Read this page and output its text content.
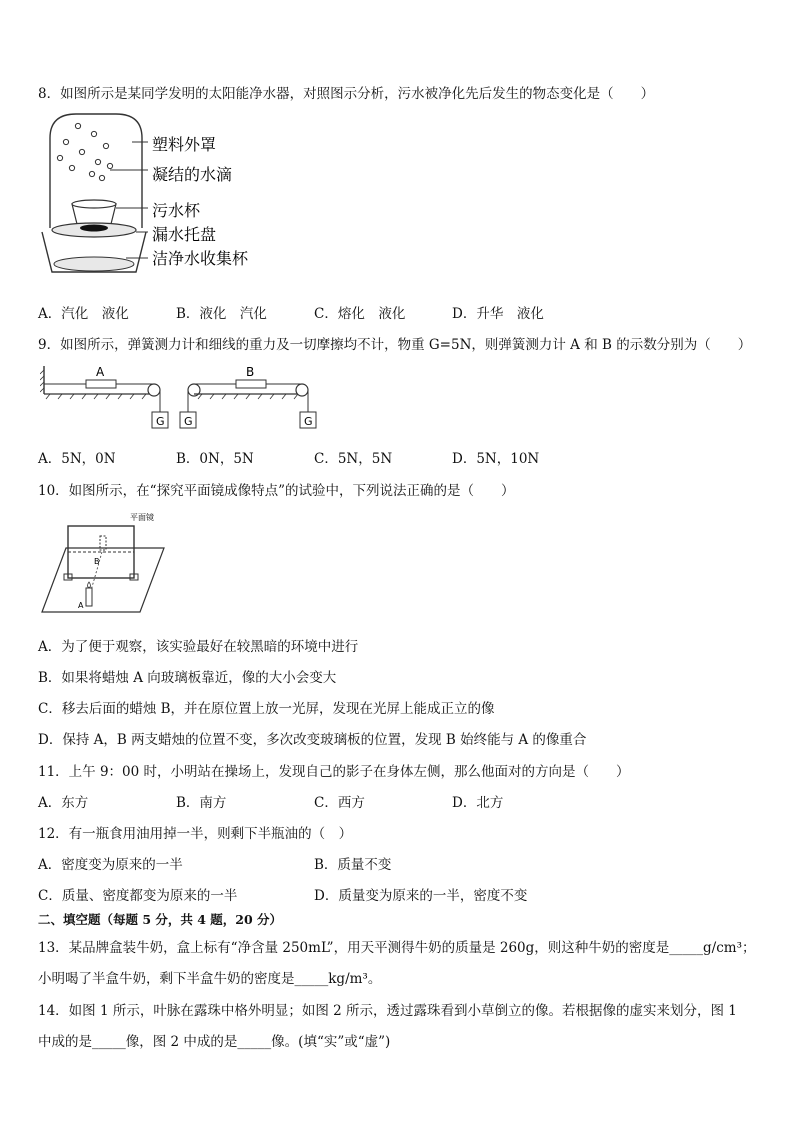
8．如图所示是某同学发明的太阳能净水器，对照图示分析，污水被净化先后发生的物态变化是（　　）
塑料外罩
凝结的水滴
污水杯
漏水托盘
洁净水收集杯
A．汽化　液化	B．液化　汽化	C．熔化　液化	D．升华　液化
9．如图所示，弹簧测力计和细线的重力及一切摩擦均不计，物重 G=5N，则弹簧测力计 A 和 B 的示数分别为（　　）
A
G G
B
G
A．5N，0N	B．0N，5N	C．5N，5N	D．5N，10N
10．如图所示，在“探究平面镜成像特点”的试验中，下列说法正确的是（　　）
平面镜
B
A
A．为了便于观察，该实验最好在较黑暗的环境中进行
B．如果将蜡烛 A 向玻璃板靠近，像的大小会变大
C．移去后面的蜡烛 B，并在原位置上放一光屏，发现在光屏上能成正立的像
D．保持 A，B 两支蜡烛的位置不变，多次改变玻璃板的位置，发现 B 始终能与 A 的像重合
11．上午 9：00 时，小明站在操场上，发现自己的影子在身体左侧，那么他面对的方向是（　　）
A．东方	B．南方	C．西方	D．北方
12．有一瓶食用油用掉一半，则剩下半瓶油的（　）
A．密度变为原来的一半	B．质量不变
C．质量、密度都变为原来的一半	D．质量变为原来的一半，密度不变
二、填空题（每题 5 分，共 4 题，20 分）
13．某品牌盒装牛奶，盒上标有“净含量 250mL”，用天平测得牛奶的质量是 260g，则这种牛奶的密度是_____g/cm³；
小明喝了半盒牛奶，剩下半盒牛奶的密度是_____kg/m³。
14．如图 1 所示，叶脉在露珠中格外明显；如图 2 所示，透过露珠看到小草倒立的像。若根据像的虚实来划分，图 1
中成的是_____像，图 2 中成的是_____像。(填“实”或“虚”)
